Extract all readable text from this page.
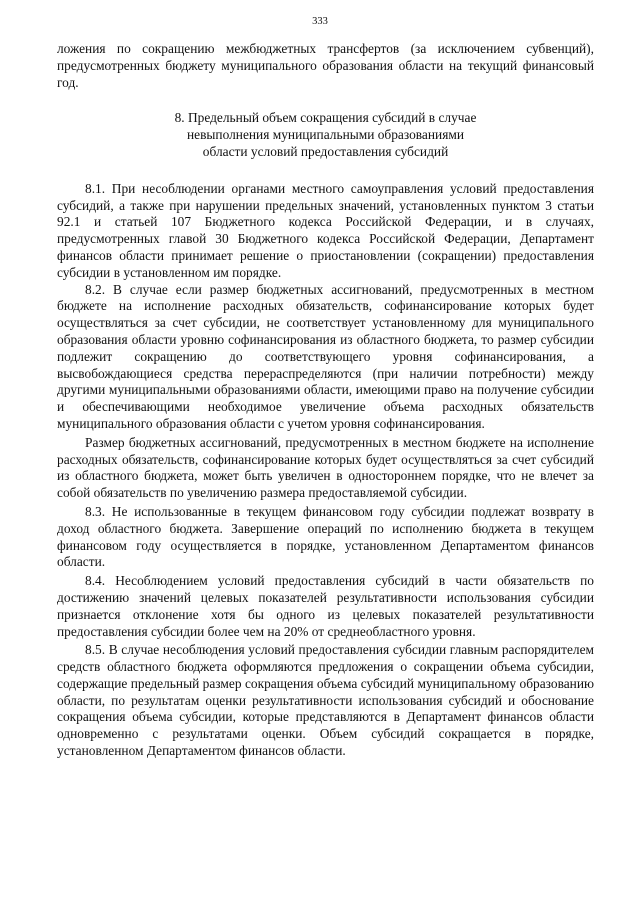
333

ложения по сокращению межбюджетных трансфертов (за исключением субвенций), предусмотренных бюджету муниципального образования области на текущий финансовый год.

8. Предельный объем сокращения субсидий в случае
невыполнения муниципальными образованиями
области условий предоставления субсидий

8.1. При несоблюдении органами местного самоуправления условий предоставления субсидий, а также при нарушении предельных значений, установленных пунктом 3 статьи 92.1 и статьей 107 Бюджетного кодекса Российской Федерации, и в случаях, предусмотренных главой 30 Бюджетного кодекса Российской Федерации, Департамент финансов области принимает решение о приостановлении (сокращении) предоставления субсидии в установленном им порядке.

8.2. В случае если размер бюджетных ассигнований, предусмотренных в местном бюджете на исполнение расходных обязательств, софинансирование которых будет осуществляться за счет субсидии, не соответствует установленному для муниципального образования области уровню софинансирования из областного бюджета, то размер субсидии подлежит сокращению до соответствующего уровня софинансирования, а высвобождающиеся средства перераспределяются (при наличии потребности) между другими муниципальными образованиями области, имеющими право на получение субсидии и обеспечивающими необходимое увеличение объема расходных обязательств муниципального образования области с учетом уровня софинансирования.

Размер бюджетных ассигнований, предусмотренных в местном бюджете на исполнение расходных обязательств, софинансирование которых будет осуществляться за счет субсидий из областного бюджета, может быть увеличен в одностороннем порядке, что не влечет за собой обязательств по увеличению размера предоставляемой субсидии.

8.3. Не использованные в текущем финансовом году субсидии подлежат возврату в доход областного бюджета. Завершение операций по исполнению бюджета в текущем финансовом году осуществляется в порядке, установленном Департаментом финансов области.

8.4. Несоблюдением условий предоставления субсидий в части обязательств по достижению значений целевых показателей результативности использования субсидии признается отклонение хотя бы одного из целевых показателей результативности предоставления субсидии более чем на 20% от среднеобластного уровня.

8.5. В случае несоблюдения условий предоставления субсидии главным распорядителем средств областного бюджета оформляются предложения о сокращении объема субсидии, содержащие предельный размер сокращения объема субсидий муниципальному образованию области, по результатам оценки результативности использования субсидий и обоснование сокращения объема субсидии, которые представляются в Департамент финансов области одновременно с результатами оценки. Объем субсидий сокращается в порядке, установленном Департаментом финансов области.
